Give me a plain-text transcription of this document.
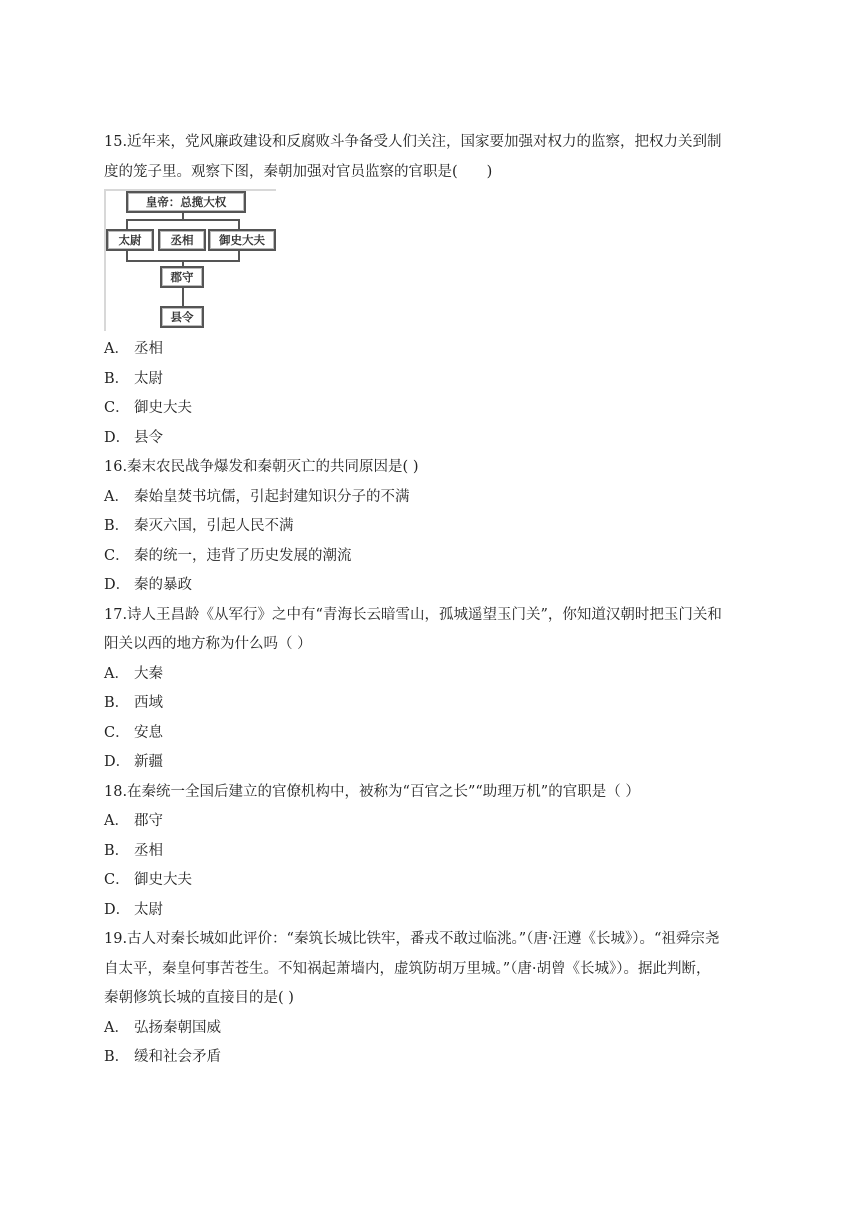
15.近年来，党风廉政建设和反腐败斗争备受人们关注，国家要加强对权力的监察，把权力关到制
度的笼子里。观察下图，秦朝加强对官员监察的官职是(　　)
皇帝：总揽大权
太尉	丞相	御史大夫
郡守
县令
A． 丞相
B． 太尉
C． 御史大夫
D． 县令
16.秦末农民战争爆发和秦朝灭亡的共同原因是( )
A． 秦始皇焚书坑儒，引起封建知识分子的不满
B． 秦灭六国，引起人民不满
C． 秦的统一，违背了历史发展的潮流
D． 秦的暴政
17.诗人王昌龄《从军行》之中有“青海长云暗雪山，孤城遥望玉门关”，你知道汉朝时把玉门关和
阳关以西的地方称为什么吗（ ）
A． 大秦
B． 西域
C． 安息
D． 新疆
18.在秦统一全国后建立的官僚机构中，被称为“百官之长”“助理万机”的官职是（ ）
A． 郡守
B． 丞相
C． 御史大夫
D． 太尉
19.古人对秦长城如此评价：“秦筑长城比铁牢，番戎不敢过临洮。”（唐·汪遵《长城》）。“祖舜宗尧
自太平，秦皇何事苦苍生。不知祸起萧墙内，虚筑防胡万里城。”（唐·胡曾《长城》）。据此判断，
秦朝修筑长城的直接目的是( )
A． 弘扬秦朝国威
B． 缓和社会矛盾
